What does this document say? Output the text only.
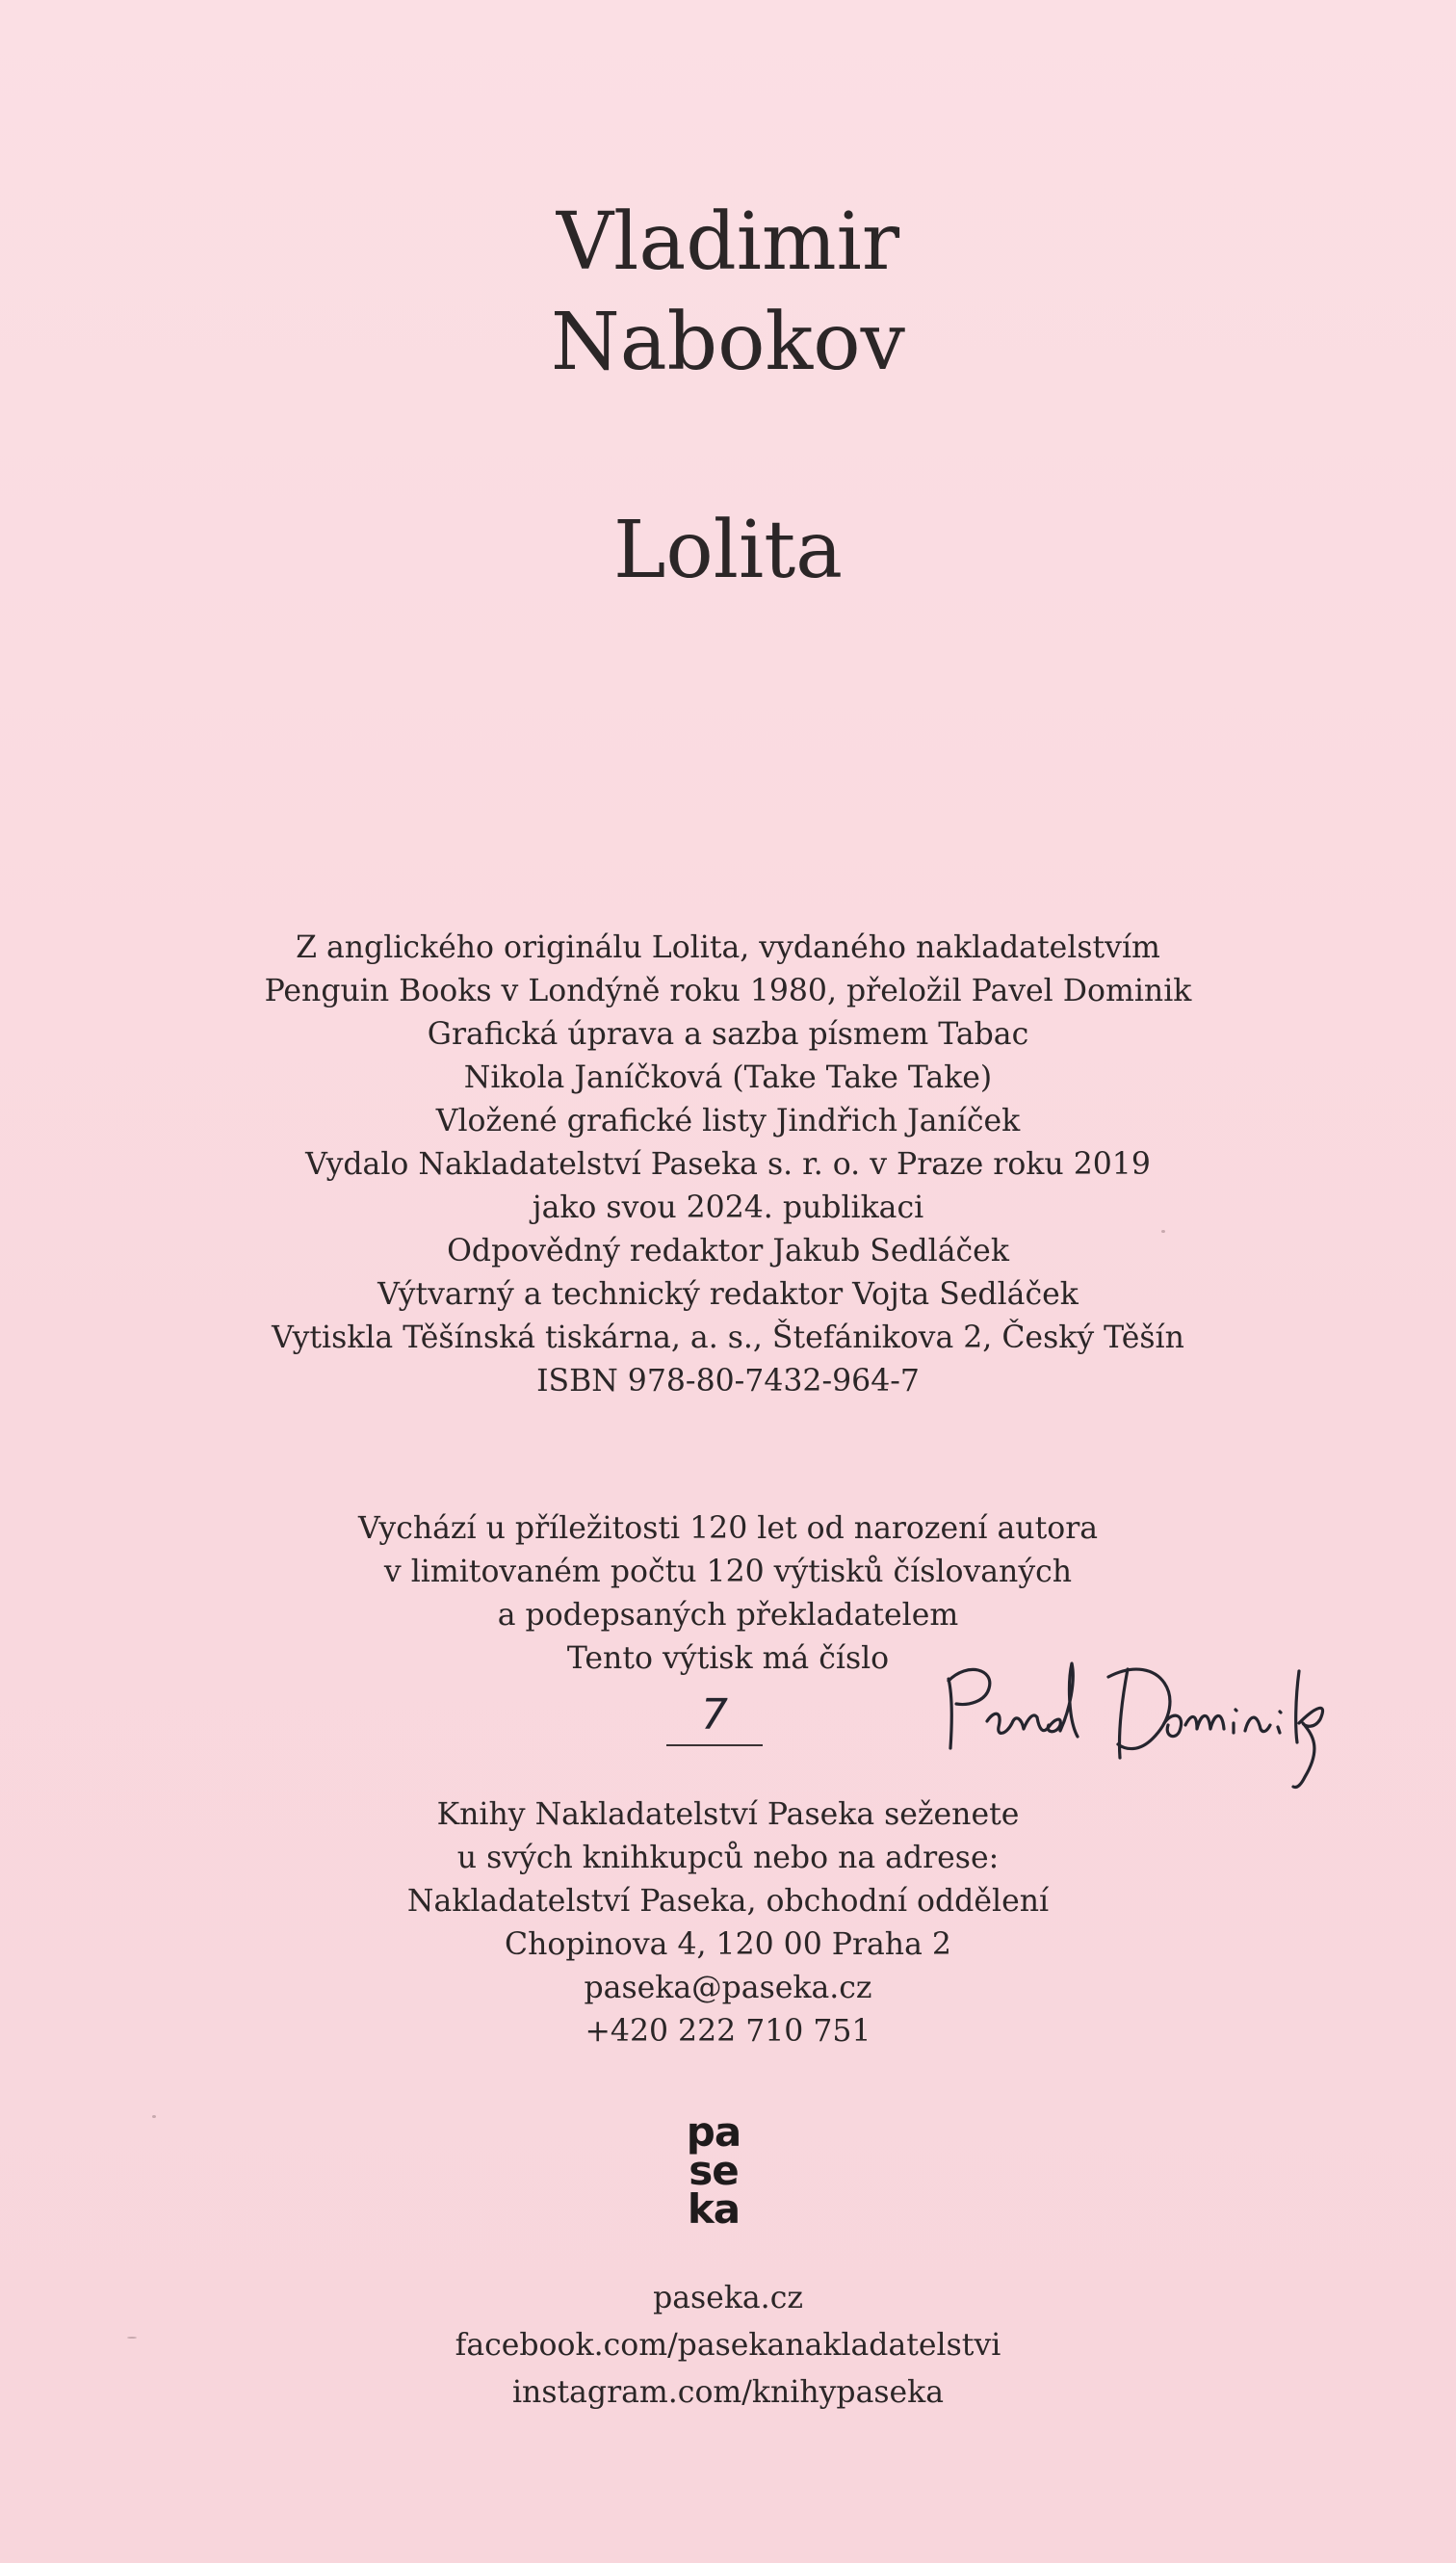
Vladimir
Nabokov
Lolita
Z anglického originálu Lolita, vydaného nakladatelstvím
Penguin Books v Londýně roku 1980, přeložil Pavel Dominik
Grafická úprava a sazba písmem Tabac
Nikola Janíčková (Take Take Take)
Vložené grafické listy Jindřich Janíček
Vydalo Nakladatelství Paseka s. r. o. v Praze roku 2019
jako svou 2024. publikaci
Odpovědný redaktor Jakub Sedláček
Výtvarný a technický redaktor Vojta Sedláček
Vytiskla Těšínská tiskárna, a. s., Štefánikova 2, Český Těšín
ISBN 978-80-7432-964-7
Vychází u příležitosti 120 let od narození autora
v limitovaném počtu 120 výtisků číslovaných
a podepsaných překladatelem
Tento výtisk má číslo
7
Knihy Nakladatelství Paseka seženete
u svých knihkupců nebo na adrese:
Nakladatelství Paseka, obchodní oddělení
Chopinova 4, 120 00 Praha 2
paseka@paseka.cz
+420 222 710 751
pa
se
ka
paseka.cz
facebook.com/pasekanakladatelstvi
instagram.com/knihypaseka
